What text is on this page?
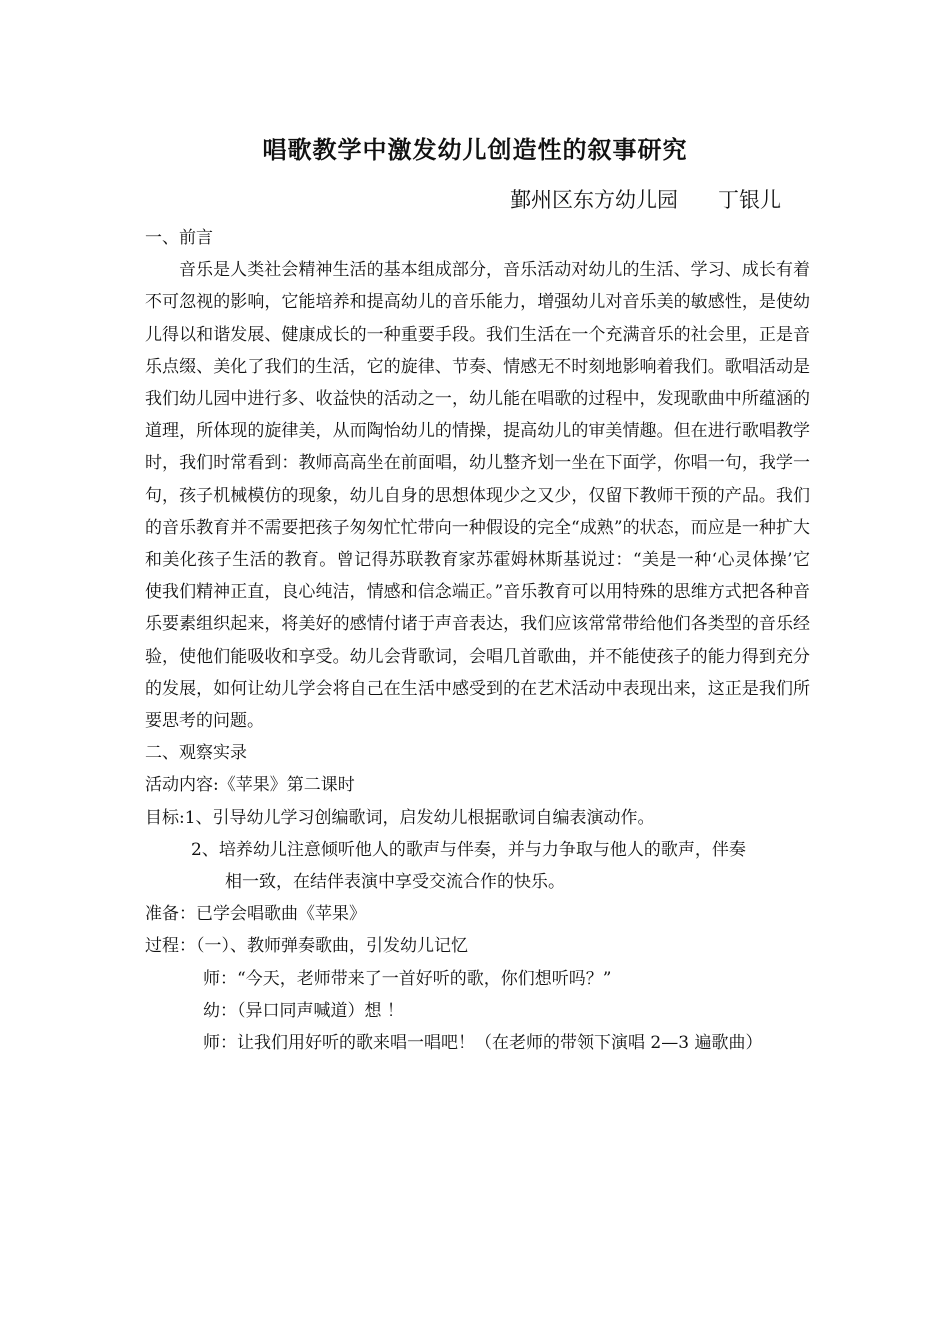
唱歌教学中激发幼儿创造性的叙事研究
鄞州区东方幼儿园      丁银儿
一、前言
音乐是人类社会精神生活的基本组成部分，音乐活动对幼儿的生活、学习、成长有着不可忽视的影响，它能培养和提高幼儿的音乐能力，增强幼儿对音乐美的敏感性，是使幼儿得以和谐发展、健康成长的一种重要手段。我们生活在一个充满音乐的社会里，正是音乐点缀、美化了我们的生活，它的旋律、节奏、情感无不时刻地影响着我们。歌唱活动是我们幼儿园中进行多、收益快的活动之一，幼儿能在唱歌的过程中，发现歌曲中所蕴涵的道理，所体现的旋律美，从而陶怡幼儿的情操，提高幼儿的审美情趣。但在进行歌唱教学时，我们时常看到：教师高高坐在前面唱，幼儿整齐划一坐在下面学，你唱一句，我学一句，孩子机械模仿的现象，幼儿自身的思想体现少之又少，仅留下教师干预的产品。我们的音乐教育并不需要把孩子匆匆忙忙带向一种假设的完全“成熟”的状态，而应是一种扩大和美化孩子生活的教育。曾记得苏联教育家苏霍姆林斯基说过：“美是一种‘心灵体操’它使我们精神正直，良心纯洁，情感和信念端正。”音乐教育可以用特殊的思维方式把各种音乐要素组织起来，将美好的感情付诸于声音表达，我们应该常常带给他们各类型的音乐经验，使他们能吸收和享受。幼儿会背歌词，会唱几首歌曲，并不能使孩子的能力得到充分的发展，如何让幼儿学会将自己在生活中感受到的在艺术活动中表现出来，这正是我们所要思考的问题。
二、观察实录
活动内容:《苹果》第二课时
目标:1、引导幼儿学习创编歌词，启发幼儿根据歌词自编表演动作。
2、培养幼儿注意倾听他人的歌声与伴奏，并与力争取与他人的歌声，伴奏
相一致，在结伴表演中享受交流合作的快乐。
准备：已学会唱歌曲《苹果》
过程：（一）、教师弹奏歌曲，引发幼儿记忆
师：“今天，老师带来了一首好听的歌，你们想听吗？”
幼：（异口同声喊道）想 ！
师：让我们用好听的歌来唱一唱吧！（在老师的带领下演唱 2—3 遍歌曲）
